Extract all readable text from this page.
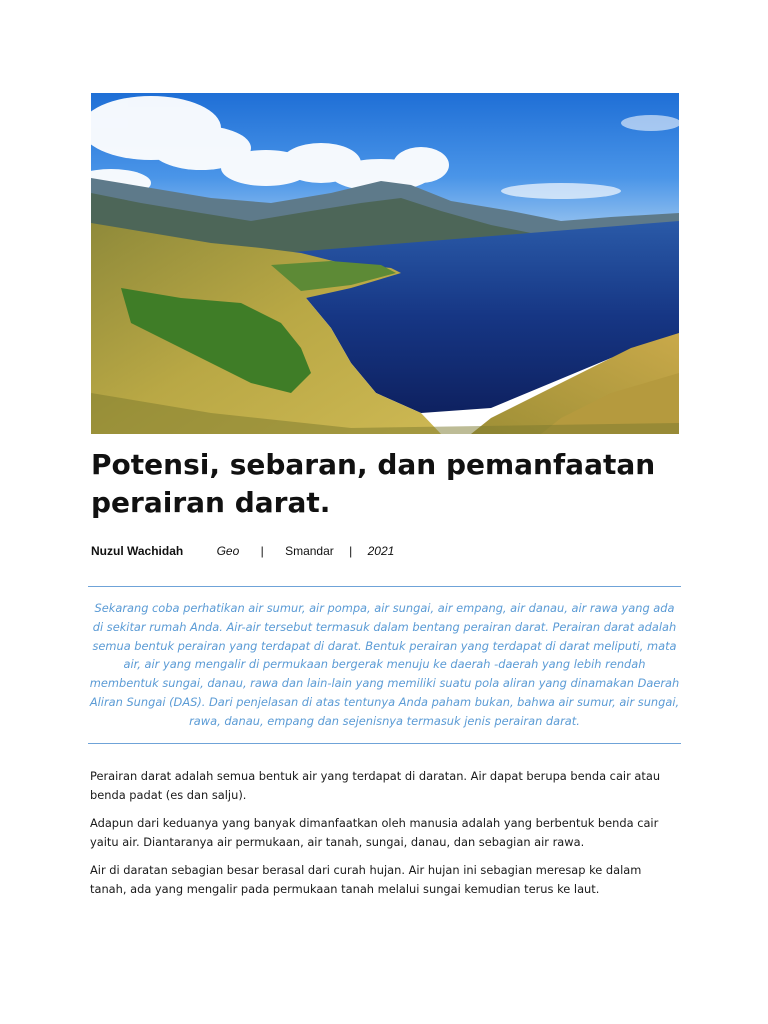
Potensi, sebaran, dan pemanfaatan perairan darat.
Nuzul Wachidah	Geo | Smandar | 2021

Sekarang coba perhatikan air sumur, air pompa, air sungai, air empang, air danau, air rawa yang ada di sekitar rumah Anda. Air-air tersebut termasuk dalam bentang perairan darat. Perairan darat adalah semua bentuk perairan yang terdapat di darat. Bentuk perairan yang terdapat di darat meliputi, mata air, air yang mengalir di permukaan bergerak menuju ke daerah -daerah yang lebih rendah membentuk sungai, danau, rawa dan lain-lain yang memiliki suatu pola aliran yang dinamakan Daerah Aliran Sungai (DAS). Dari penjelasan di atas tentunya Anda paham bukan, bahwa air sumur, air sungai, rawa, danau, empang dan sejenisnya termasuk jenis perairan darat.

Perairan darat adalah semua bentuk air yang terdapat di daratan. Air dapat berupa benda cair atau benda padat (es dan salju).

Adapun dari keduanya yang banyak dimanfaatkan oleh manusia adalah yang berbentuk benda cair yaitu air. Diantaranya air permukaan, air tanah, sungai, danau, dan sebagian air rawa.

Air di daratan sebagian besar berasal dari curah hujan. Air hujan ini sebagian meresap ke dalam tanah, ada yang mengalir pada permukaan tanah melalui sungai kemudian terus ke laut.
